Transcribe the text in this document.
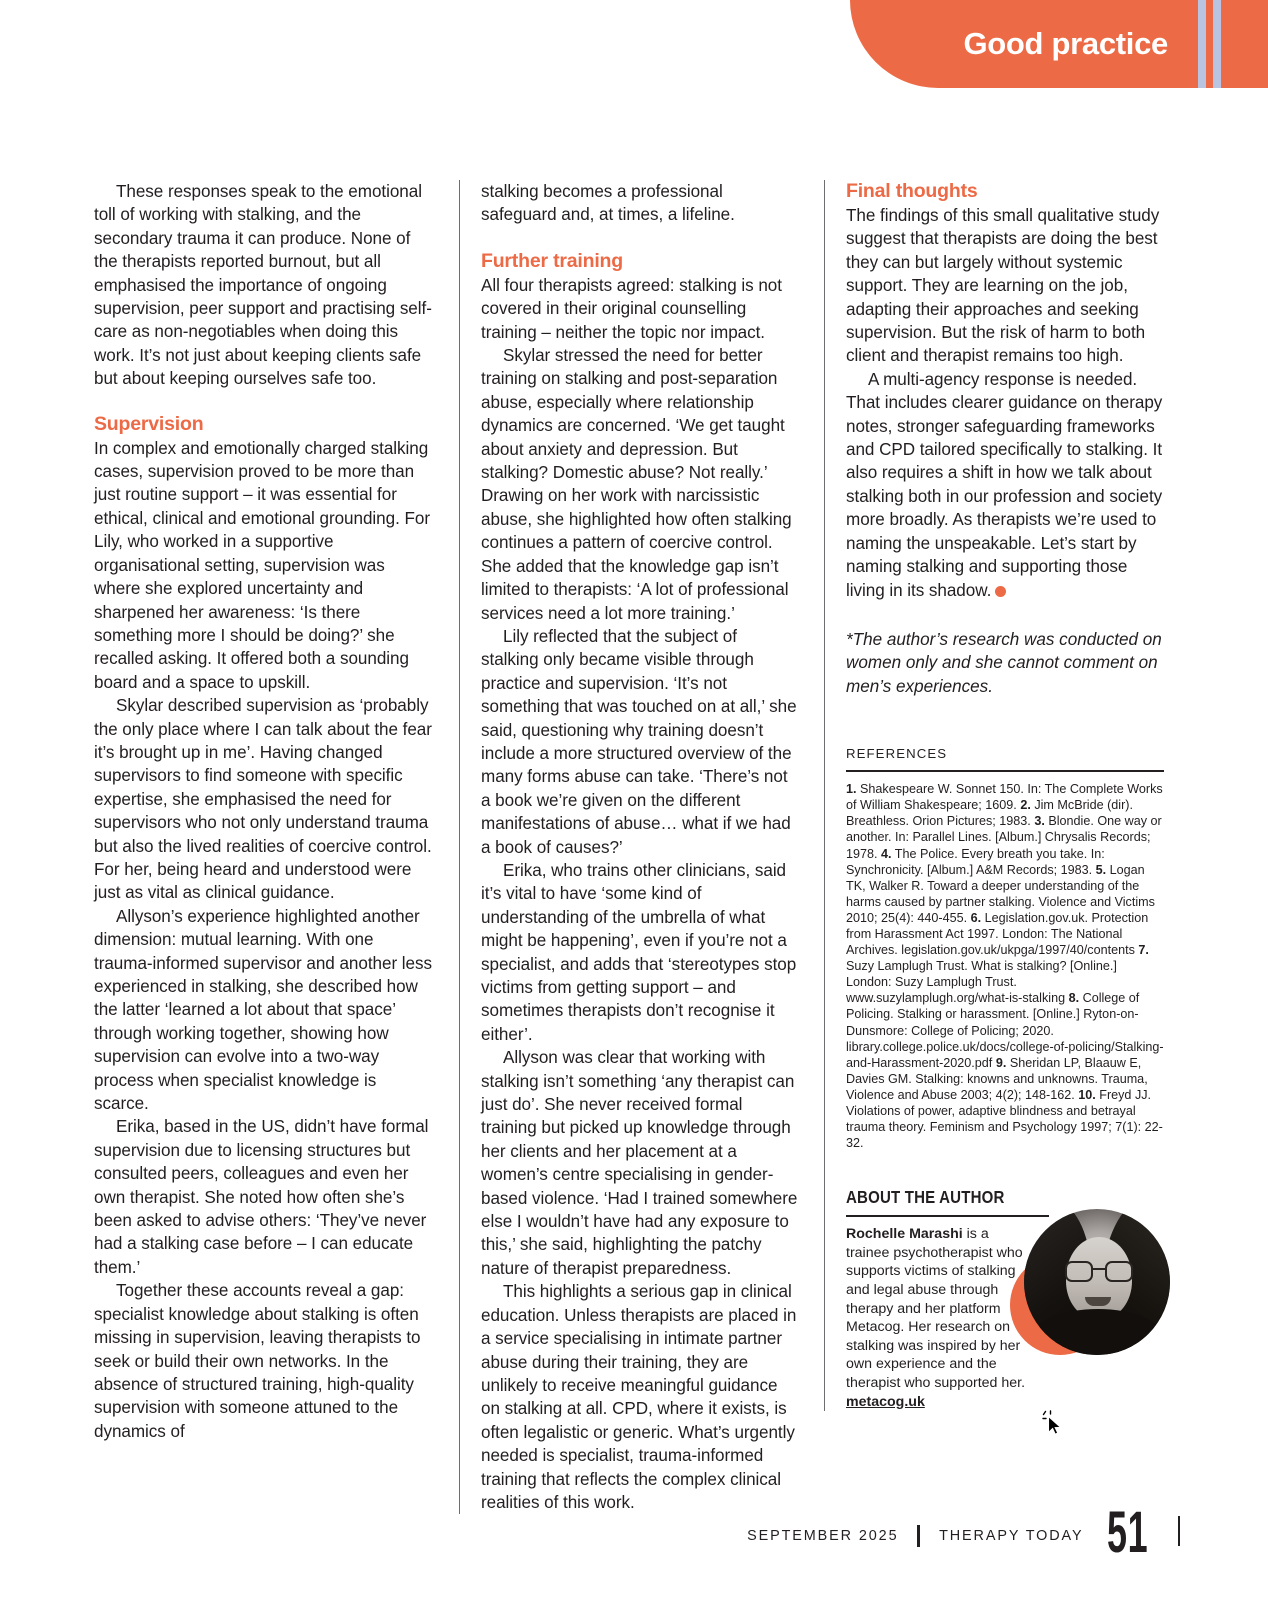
Good practice

These responses speak to the emotional toll of working with stalking, and the secondary trauma it can produce. None of the therapists reported burnout, but all emphasised the importance of ongoing supervision, peer support and practising self-care as non-negotiables when doing this work. It’s not just about keeping clients safe but about keeping ourselves safe too.

Supervision

In complex and emotionally charged stalking cases, supervision proved to be more than just routine support – it was essential for ethical, clinical and emotional grounding. For Lily, who worked in a supportive organisational setting, supervision was where she explored uncertainty and sharpened her awareness: ‘Is there something more I should be doing?’ she recalled asking. It offered both a sounding board and a space to upskill.

Skylar described supervision as ‘probably the only place where I can talk about the fear it’s brought up in me’. Having changed supervisors to find someone with specific expertise, she emphasised the need for supervisors who not only understand trauma but also the lived realities of coercive control. For her, being heard and understood were just as vital as clinical guidance.

Allyson’s experience highlighted another dimension: mutual learning. With one trauma-informed supervisor and another less experienced in stalking, she described how the latter ‘learned a lot about that space’ through working together, showing how supervision can evolve into a two-way process when specialist knowledge is scarce.

Erika, based in the US, didn’t have formal supervision due to licensing structures but consulted peers, colleagues and even her own therapist. She noted how often she’s been asked to advise others: ‘They’ve never had a stalking case before – I can educate them.’

Together these accounts reveal a gap: specialist knowledge about stalking is often missing in supervision, leaving therapists to seek or build their own networks. In the absence of structured training, high-quality supervision with someone attuned to the dynamics of

stalking becomes a professional safeguard and, at times, a lifeline.

Further training

All four therapists agreed: stalking is not covered in their original counselling training – neither the topic nor impact.

Skylar stressed the need for better training on stalking and post-separation abuse, especially where relationship dynamics are concerned. ‘We get taught about anxiety and depression. But stalking? Domestic abuse? Not really.’ Drawing on her work with narcissistic abuse, she highlighted how often stalking continues a pattern of coercive control. She added that the knowledge gap isn’t limited to therapists: ‘A lot of professional services need a lot more training.’

Lily reflected that the subject of stalking only became visible through practice and supervision. ‘It’s not something that was touched on at all,’ she said, questioning why training doesn’t include a more structured overview of the many forms abuse can take. ‘There’s not a book we’re given on the different manifestations of abuse… what if we had a book of causes?’

Erika, who trains other clinicians, said it’s vital to have ‘some kind of understanding of the umbrella of what might be happening’, even if you’re not a specialist, and adds that ‘stereotypes stop victims from getting support – and sometimes therapists don’t recognise it either’.

Allyson was clear that working with stalking isn’t something ‘any therapist can just do’. She never received formal training but picked up knowledge through her clients and her placement at a women’s centre specialising in gender-based violence. ‘Had I trained somewhere else I wouldn’t have had any exposure to this,’ she said, highlighting the patchy nature of therapist preparedness.

This highlights a serious gap in clinical education. Unless therapists are placed in a service specialising in intimate partner abuse during their training, they are unlikely to receive meaningful guidance on stalking at all. CPD, where it exists, is often legalistic or generic. What’s urgently needed is specialist, trauma-informed training that reflects the complex clinical realities of this work.

Final thoughts

The findings of this small qualitative study suggest that therapists are doing the best they can but largely without systemic support. They are learning on the job, adapting their approaches and seeking supervision. But the risk of harm to both client and therapist remains too high.

A multi-agency response is needed. That includes clearer guidance on therapy notes, stronger safeguarding frameworks and CPD tailored specifically to stalking. It also requires a shift in how we talk about stalking both in our profession and society more broadly. As therapists we’re used to naming the unspeakable. Let’s start by naming stalking and supporting those living in its shadow.

*The author’s research was conducted on women only and she cannot comment on men’s experiences.

REFERENCES
1. Shakespeare W. Sonnet 150. In: The Complete Works of William Shakespeare; 1609. 2. Jim McBride (dir). Breathless. Orion Pictures; 1983. 3. Blondie. One way or another. In: Parallel Lines. [Album.] Chrysalis Records; 1978. 4. The Police. Every breath you take. In: Synchronicity. [Album.] A&M Records; 1983. 5. Logan TK, Walker R. Toward a deeper understanding of the harms caused by partner stalking. Violence and Victims 2010; 25(4): 440-455. 6. Legislation.gov.uk. Protection from Harassment Act 1997. London: The National Archives. legislation.gov.uk/ukpga/1997/40/contents 7. Suzy Lamplugh Trust. What is stalking? [Online.] London: Suzy Lamplugh Trust. www.suzylamplugh.org/what-is-stalking 8. College of Policing. Stalking or harassment. [Online.] Ryton-on-Dunsmore: College of Policing; 2020. library.college.police.uk/docs/college-of-policing/Stalking-and-Harassment-2020.pdf 9. Sheridan LP, Blaauw E, Davies GM. Stalking: knowns and unknowns. Trauma, Violence and Abuse 2003; 4(2); 148-162. 10. Freyd JJ. Violations of power, adaptive blindness and betrayal trauma theory. Feminism and Psychology 1997; 7(1): 22-32.
ABOUT THE AUTHOR
Rochelle Marashi is a trainee psychotherapist who supports victims of stalking and legal abuse through therapy and her platform Metacog. Her research on stalking was inspired by her own experience and the therapist who supported her.
metacog.uk
SEPTEMBER 2025	THERAPY TODAY 51
